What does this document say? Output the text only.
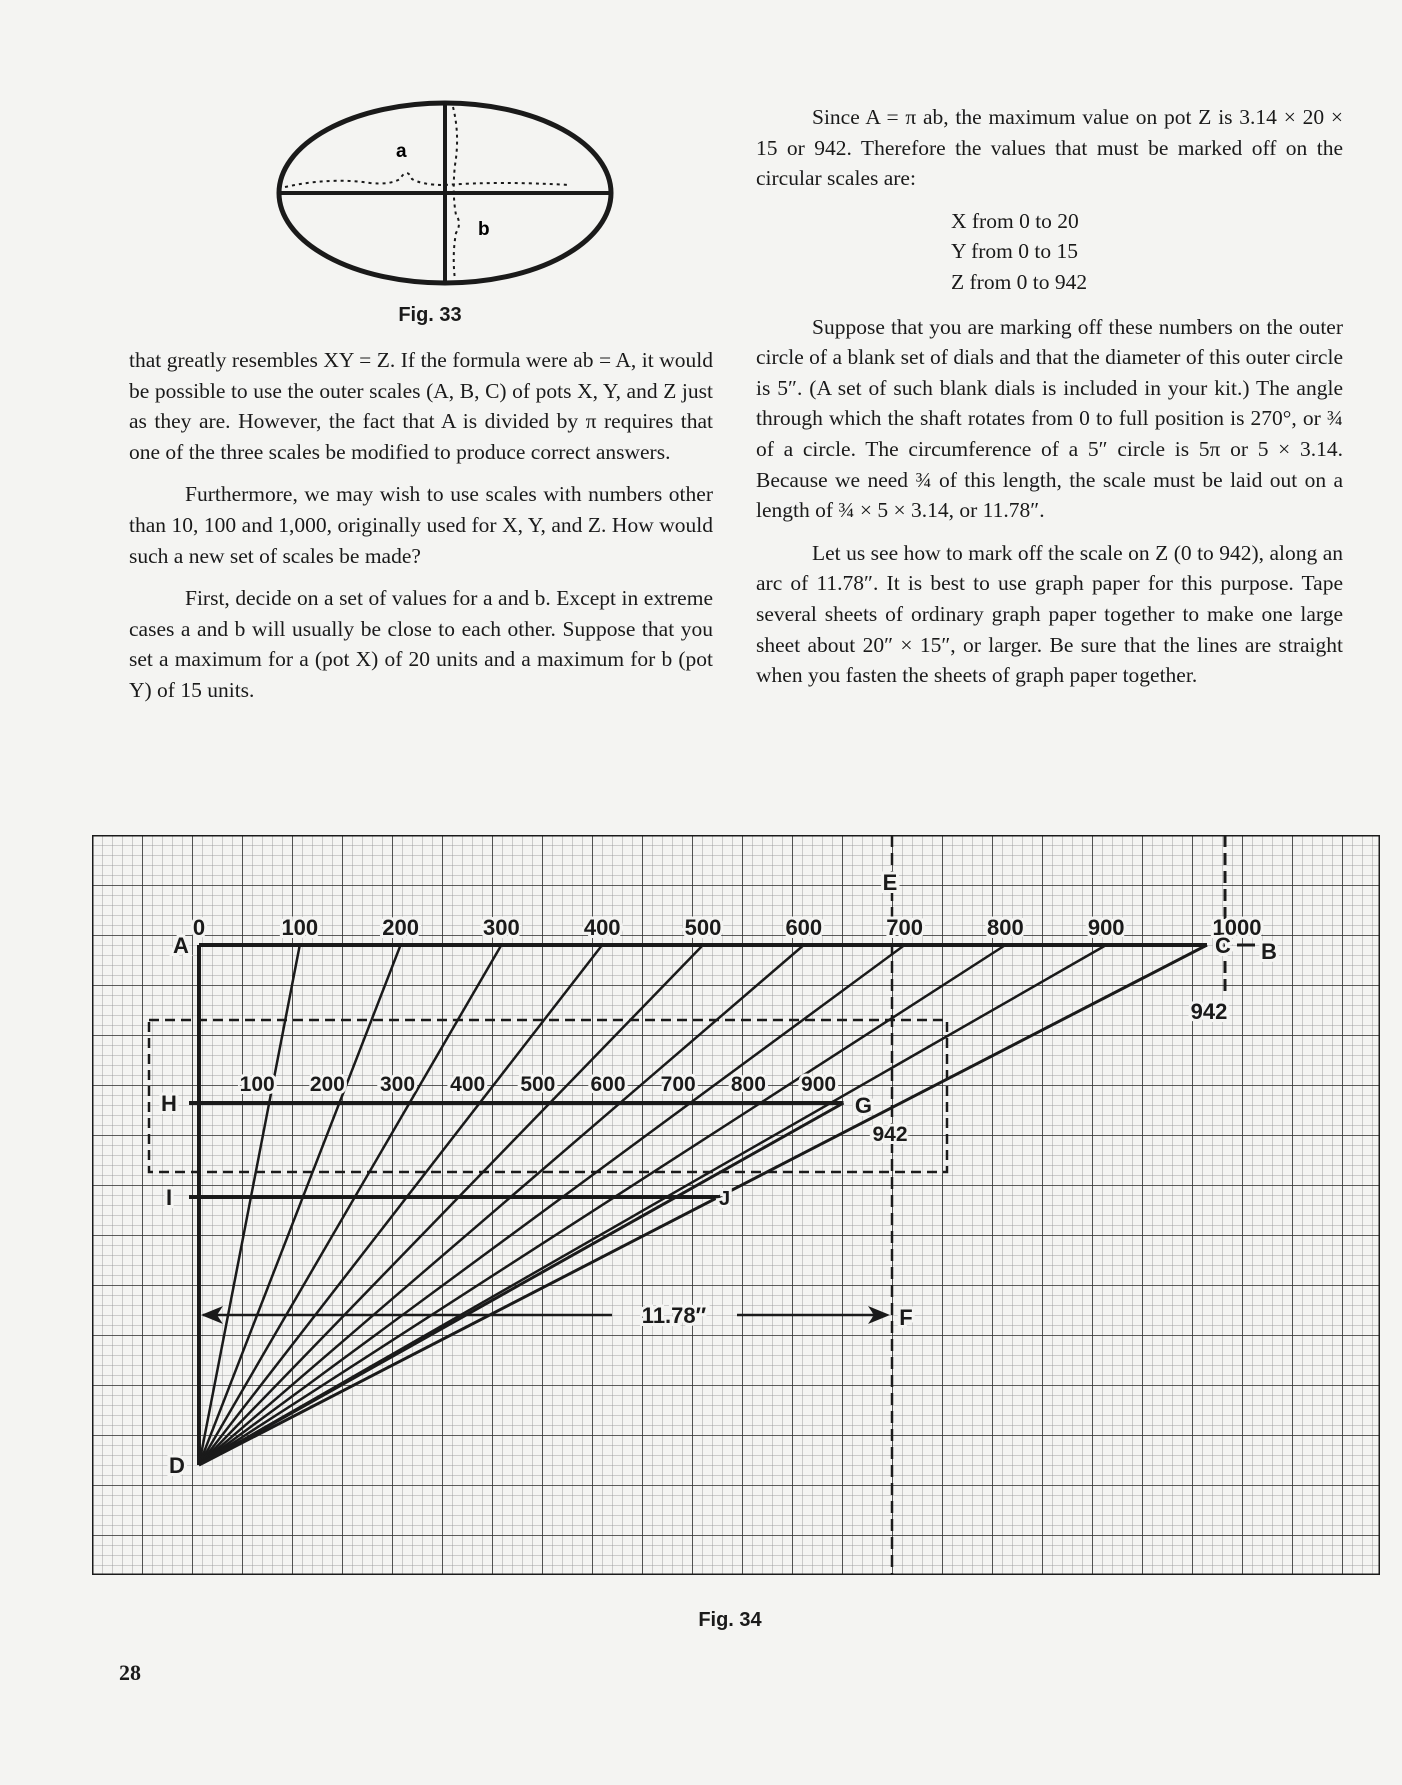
a
b
Fig. 33

that greatly resembles XY = Z. If the formula were ab = A, it would be possible to use the outer scales (A, B, C) of pots X, Y, and Z just as they are. However, the fact that A is divided by π requires that one of the three scales be modified to produce correct answers.

Furthermore, we may wish to use scales with numbers other than 10, 100 and 1,000, originally used for X, Y, and Z. How would such a new set of scales be made?

First, decide on a set of values for a and b. Except in extreme cases a and b will usually be close to each other. Suppose that you set a maximum for a (pot X) of 20 units and a maximum for b (pot Y) of 15 units.

Since A = π ab, the maximum value on pot Z is 3.14 × 20 × 15 or 942. Therefore the values that must be marked off on the circular scales are:

X from 0 to 20
Y from 0 to 15
Z from 0 to 942

Suppose that you are marking off these numbers on the outer circle of a blank set of dials and that the diameter of this outer circle is 5″. (A set of such blank dials is included in your kit.) The angle through which the shaft rotates from 0 to full position is 270°, or ¾ of a circle. The circumference of a 5″ circle is 5π or 5 × 3.14. Because we need ¾ of this length, the scale must be laid out on a length of ¾ × 5 × 3.14, or 11.78″.

Let us see how to mark off the scale on Z (0 to 942), along an arc of 11.78″. It is best to use graph paper for this purpose. Tape several sheets of ordinary graph paper together to make one large sheet about 20″ × 15″, or larger. Be sure that the lines are straight when you fasten the sheets of graph paper together.

0	100	200	300	400	500	600	700	800	900	1000
100 200 300 400 500 600 700 800 900
11.78″
A	C B
E
H	G
942
I	J
D
F
942
Fig. 34
28
